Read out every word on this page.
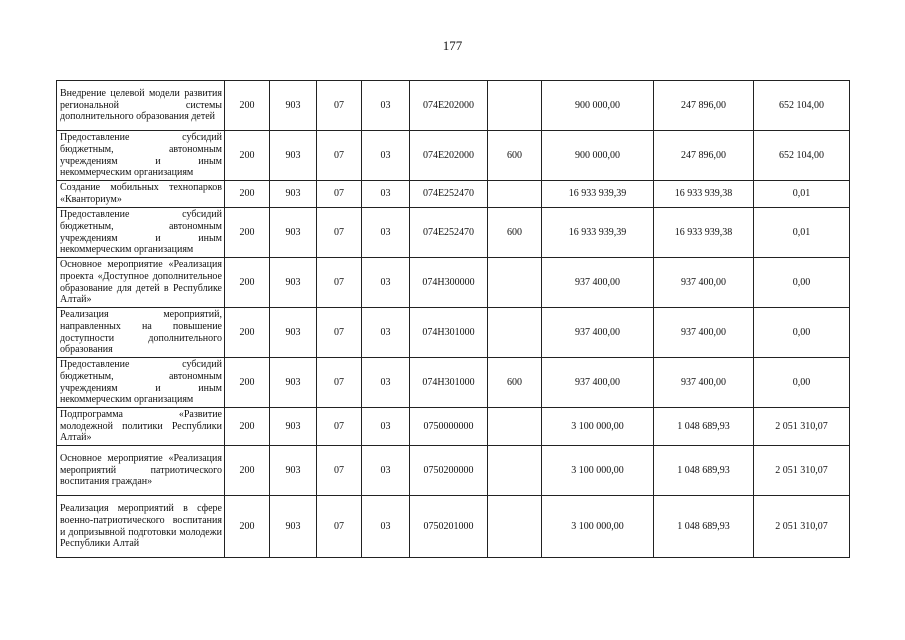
177
Внедрение целевой модели развития региональной системы дополнительного образования детей	200	903	07	03	074E202000		900 000,00	247 896,00	652 104,00
Предоставление субсидий бюджетным, автономным учреждениям и иным некоммерческим организациям	200	903	07	03	074E202000	600	900 000,00	247 896,00	652 104,00
Создание мобильных технопарков «Кванториум»	200	903	07	03	074E252470		16 933 939,39	16 933 939,38	0,01
Предоставление субсидий бюджетным, автономным учреждениям и иным некоммерческим организациям	200	903	07	03	074E252470	600	16 933 939,39	16 933 939,38	0,01
Основное мероприятие «Реализация проекта «Доступное дополнительное образование для детей в Республике Алтай»	200	903	07	03	074Н300000		937 400,00	937 400,00	0,00
Реализация мероприятий, направленных на повышение доступности дополнительного образования	200	903	07	03	074Н301000		937 400,00	937 400,00	0,00
Предоставление субсидий бюджетным, автономным учреждениям и иным некоммерческим организациям	200	903	07	03	074Н301000	600	937 400,00	937 400,00	0,00
Подпрограмма «Развитие молодежной политики Республики Алтай»	200	903	07	03	0750000000		3 100 000,00	1 048 689,93	2 051 310,07
Основное мероприятие «Реализация мероприятий патриотического воспитания граждан»	200	903	07	03	0750200000		3 100 000,00	1 048 689,93	2 051 310,07
Реализация мероприятий в сфере военно-патриотического воспитания и допризывной подготовки молодежи Республики Алтай	200	903	07	03	0750201000		3 100 000,00	1 048 689,93	2 051 310,07
